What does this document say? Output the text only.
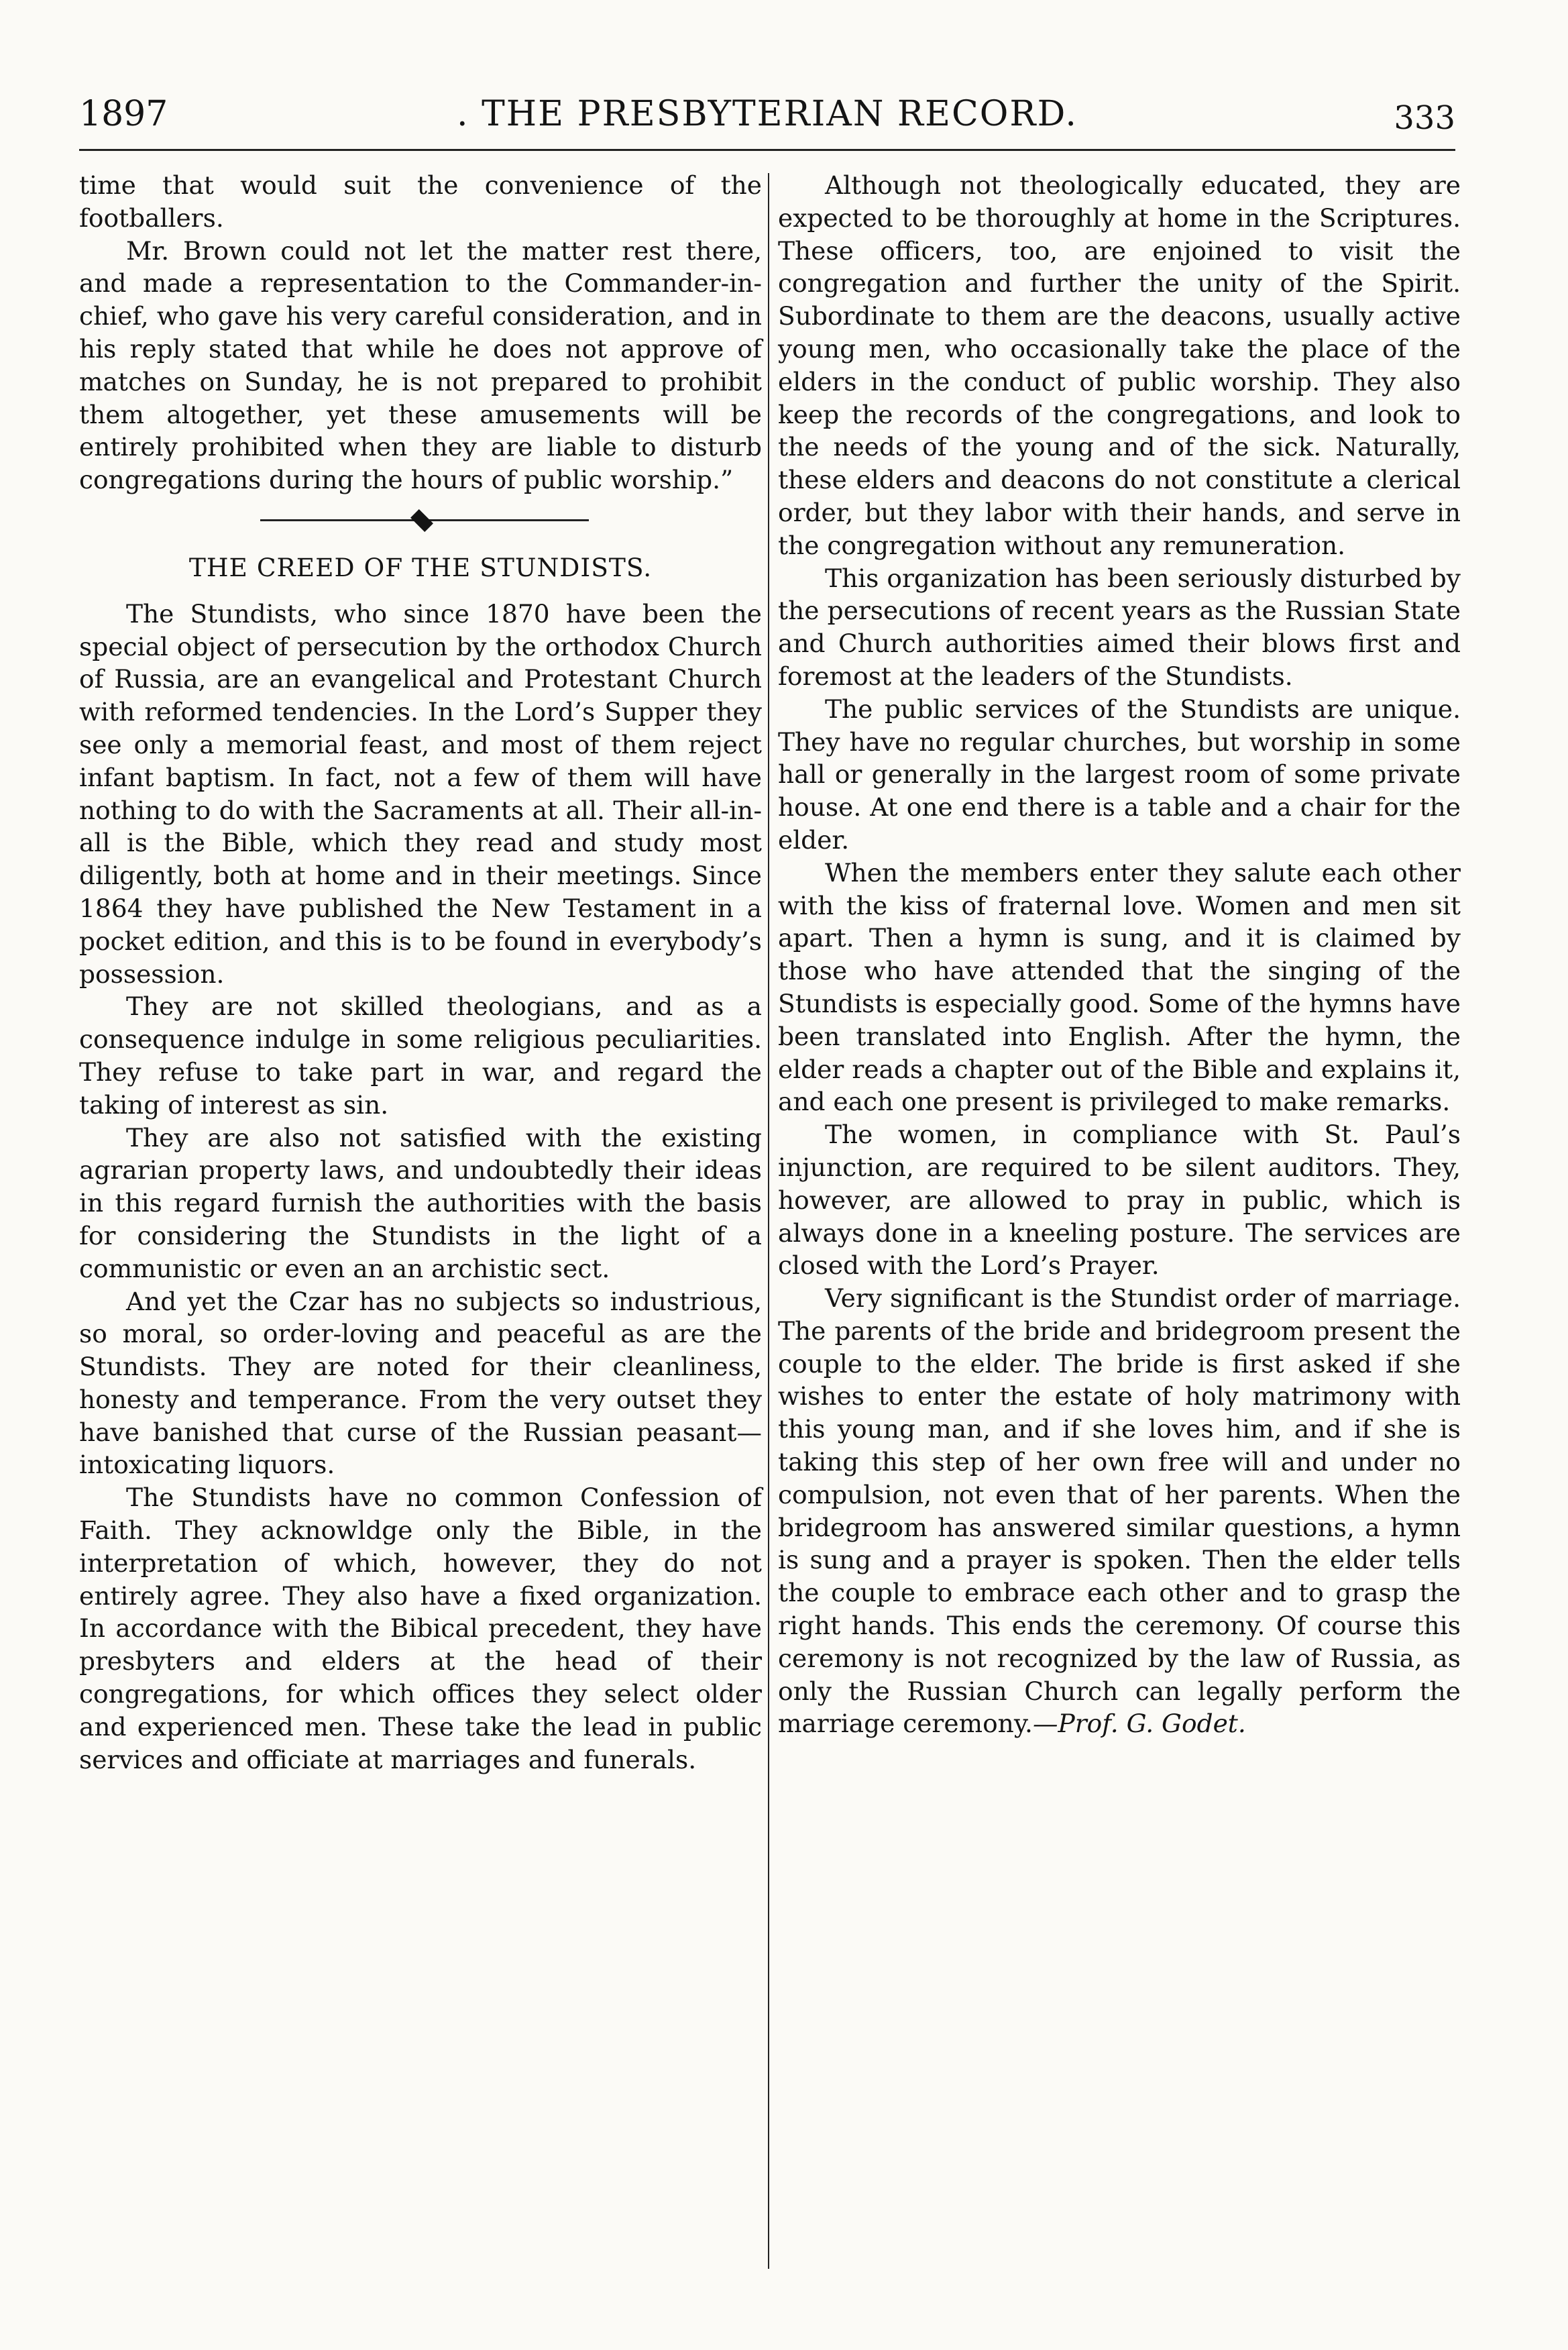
1897	. THE PRESBYTERIAN RECORD.	333

time that would suit the convenience of the footballers.

Mr. Brown could not let the matter rest there, and made a representation to the Commander-in-chief, who gave his very careful consideration, and in his reply stated that while he does not approve of matches on Sunday, he is not prepared to prohibit them altogether, yet these amusements will be entirely prohibited when they are liable to disturb congregations during the hours of public worship.”

THE CREED OF THE STUNDISTS.

The Stundists, who since 1870 have been the special object of persecution by the orthodox Church of Russia, are an evangelical and Protestant Church with reformed tendencies. In the Lord’s Supper they see only a memorial feast, and most of them reject infant baptism. In fact, not a few of them will have nothing to do with the Sacraments at all. Their all-in-all is the Bible, which they read and study most diligently, both at home and in their meetings. Since 1864 they have published the New Testament in a pocket edition, and this is to be found in everybody’s possession.

They are not skilled theologians, and as a consequence indulge in some religious peculiarities. They refuse to take part in war, and regard the taking of interest as sin.

They are also not satisfied with the existing agrarian property laws, and undoubtedly their ideas in this regard furnish the authorities with the basis for considering the Stundists in the light of a communistic or even an an archistic sect.

And yet the Czar has no subjects so industrious, so moral, so order-loving and peaceful as are the Stundists. They are noted for their cleanliness, honesty and temperance. From the very outset they have banished that curse of the Russian peasant—intoxicating liquors.

The Stundists have no common Confession of Faith. They acknowldge only the Bible, in the interpretation of which, however, they do not entirely agree. They also have a fixed organization. In accordance with the Bibical precedent, they have presbyters and elders at the head of their congregations, for which offices they select older and experienced men. These take the lead in public services and officiate at marriages and funerals.

Although not theologically educated, they are expected to be thoroughly at home in the Scriptures. These officers, too, are enjoined to visit the congregation and further the unity of the Spirit. Subordinate to them are the deacons, usually active young men, who occasionally take the place of the elders in the conduct of public worship. They also keep the records of the congregations, and look to the needs of the young and of the sick. Naturally, these elders and deacons do not constitute a clerical order, but they labor with their hands, and serve in the congregation without any remuneration.

This organization has been seriously disturbed by the persecutions of recent years as the Russian State and Church authorities aimed their blows first and foremost at the leaders of the Stundists.

The public services of the Stundists are unique. They have no regular churches, but worship in some hall or generally in the largest room of some private house. At one end there is a table and a chair for the elder.

When the members enter they salute each other with the kiss of fraternal love. Women and men sit apart. Then a hymn is sung, and it is claimed by those who have attended that the singing of the Stundists is especially good. Some of the hymns have been translated into English. After the hymn, the elder reads a chapter out of the Bible and explains it, and each one present is privileged to make remarks.

The women, in compliance with St. Paul’s injunction, are required to be silent auditors. They, however, are allowed to pray in public, which is always done in a kneeling posture. The services are closed with the Lord’s Prayer.

Very significant is the Stundist order of marriage. The parents of the bride and bridegroom present the couple to the elder. The bride is first asked if she wishes to enter the estate of holy matrimony with this young man, and if she loves him, and if she is taking this step of her own free will and under no compulsion, not even that of her parents. When the bridegroom has answered similar questions, a hymn is sung and a prayer is spoken. Then the elder tells the couple to embrace each other and to grasp the right hands. This ends the ceremony. Of course this ceremony is not recognized by the law of Russia, as only the Russian Church can legally perform the marriage ceremony.—Prof. G. Godet.
